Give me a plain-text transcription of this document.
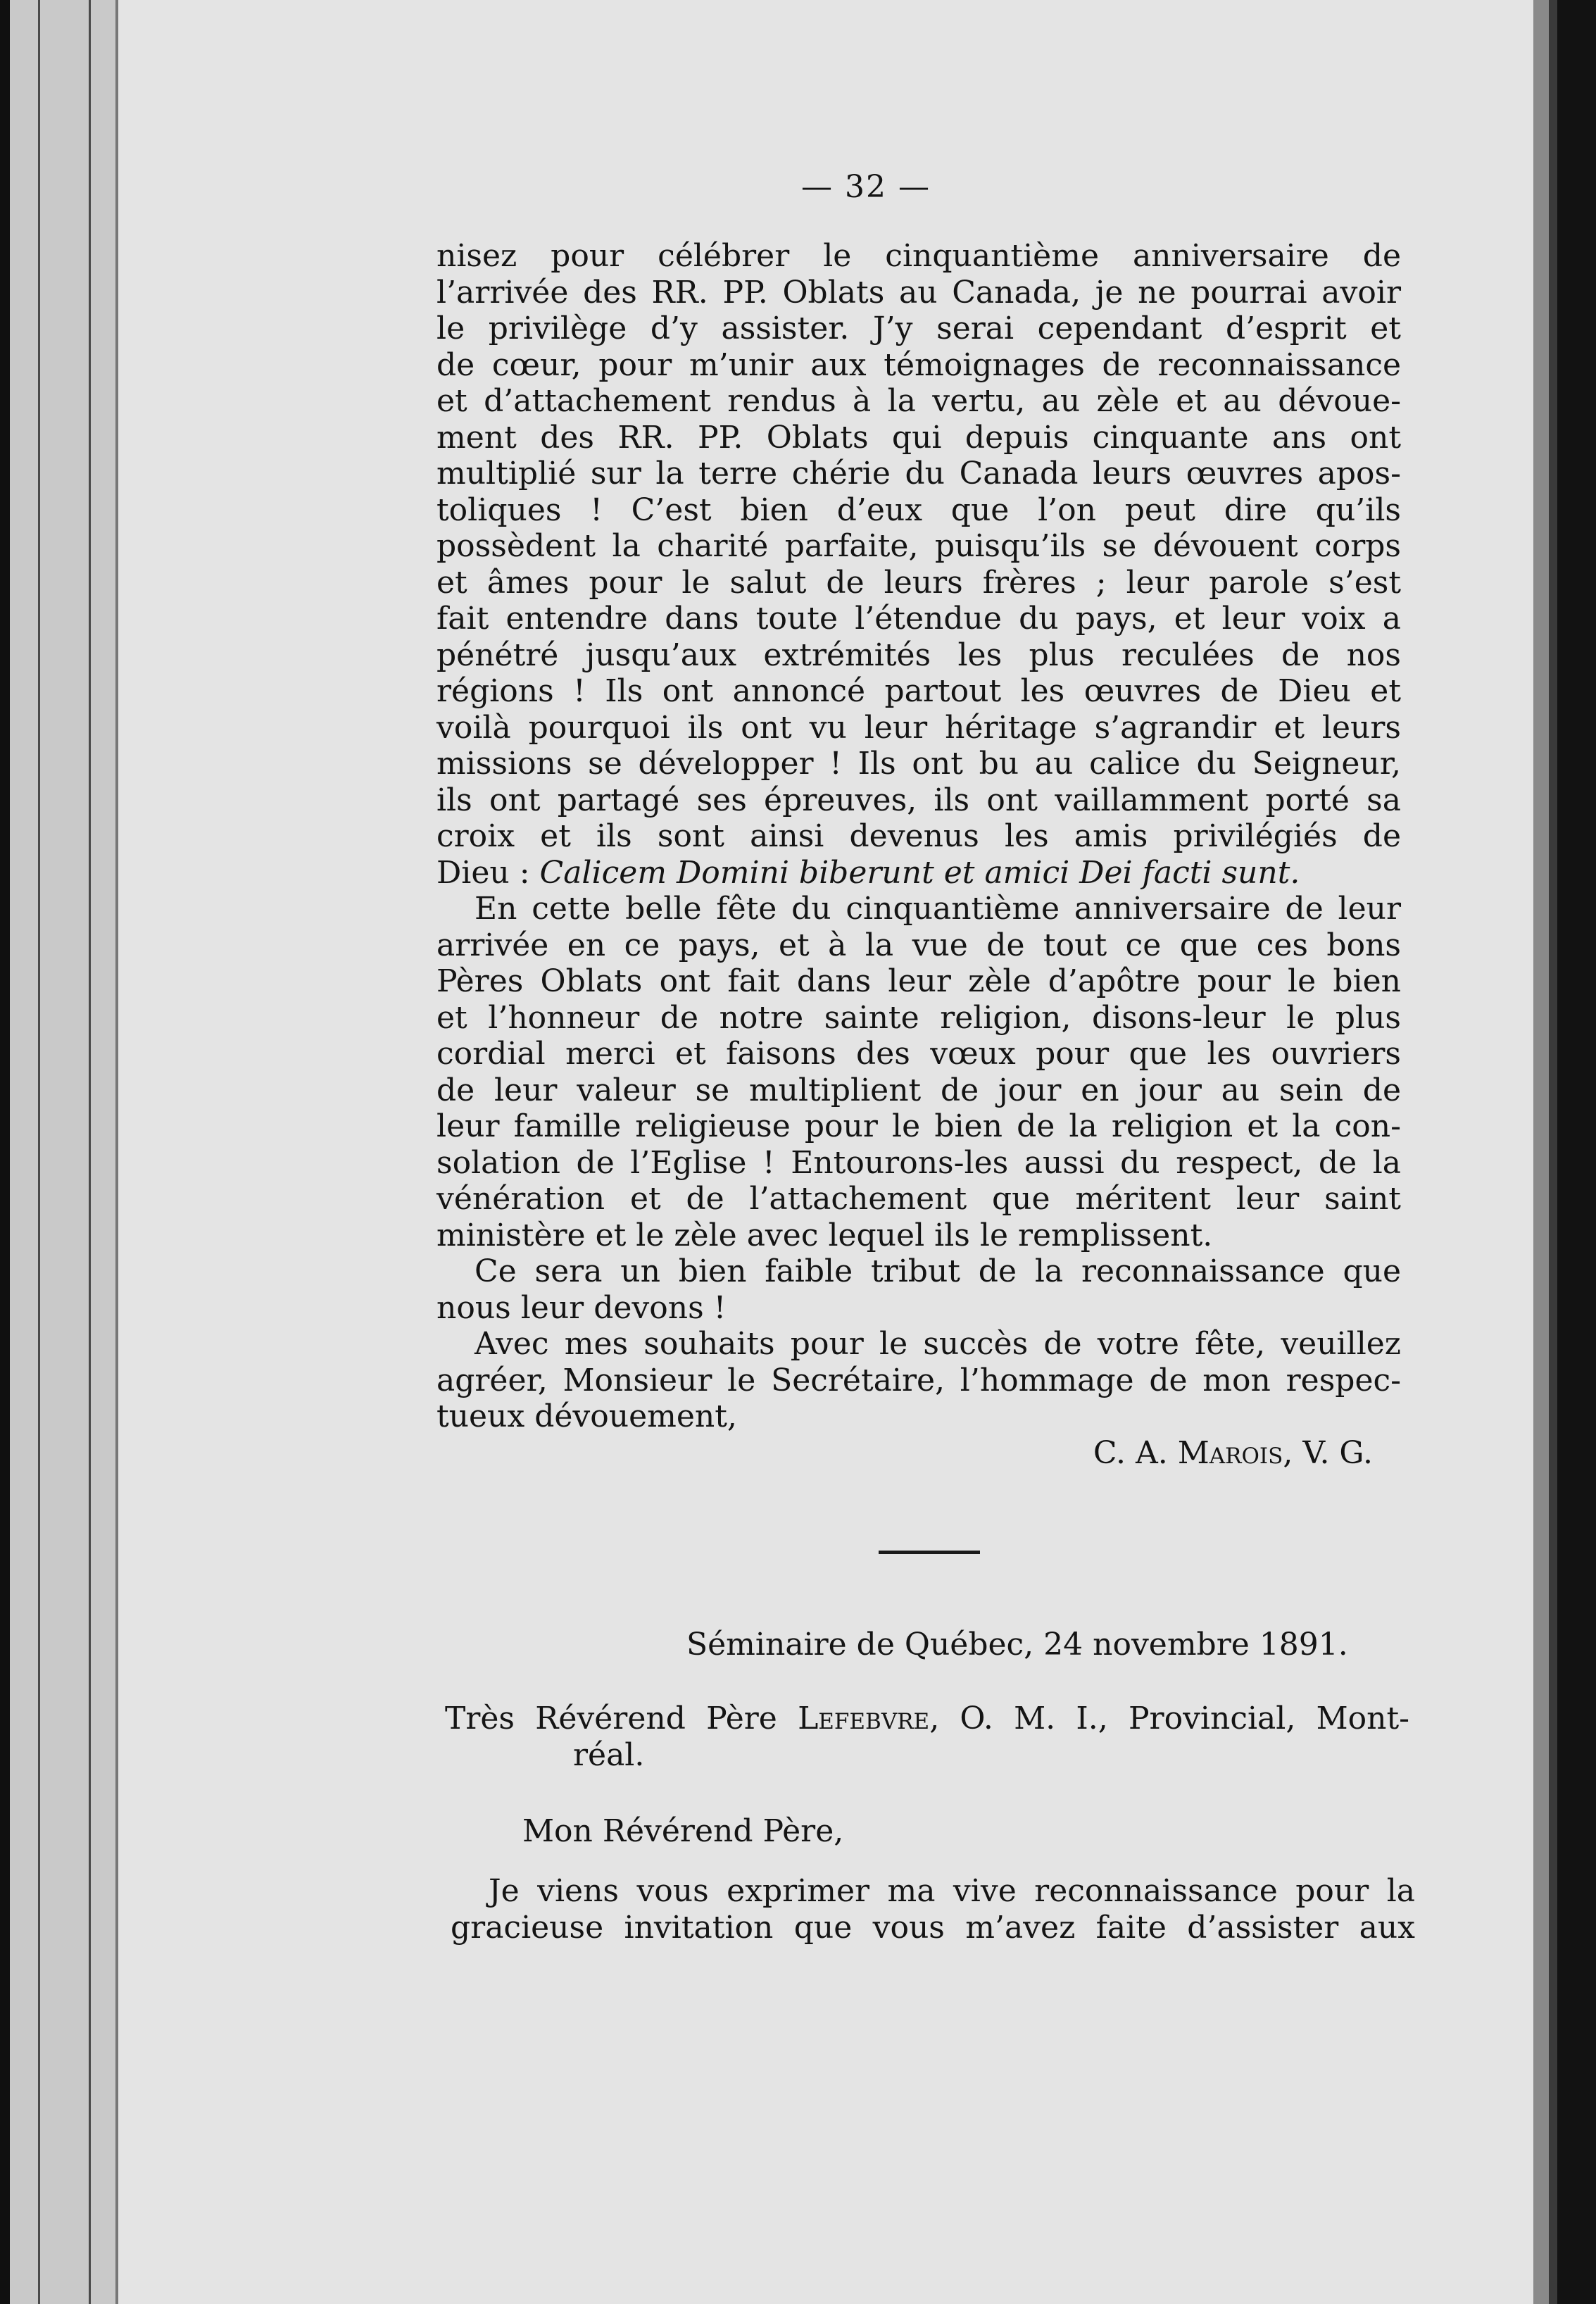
— 32 —
nisez pour célébrer le cinquantième anniversaire de
l’arrivée des RR. PP. Oblats au Canada, je ne pourrai avoir
le privilège d’y assister. J’y serai cependant d’esprit et
de cœur, pour m’unir aux témoignages de reconnaissance
et d’attachement rendus à la vertu, au zèle et au dévoue-
ment des RR. PP. Oblats qui depuis cinquante ans ont
multiplié sur la terre chérie du Canada leurs œuvres apos-
toliques ! C’est bien d’eux que l’on peut dire qu’ils
possèdent la charité parfaite, puisqu’ils se dévouent corps
et âmes pour le salut de leurs frères ; leur parole s’est
fait entendre dans toute l’étendue du pays, et leur voix a
pénétré jusqu’aux extrémités les plus reculées de nos
régions ! Ils ont annoncé partout les œuvres de Dieu et
voilà pourquoi ils ont vu leur héritage s’agrandir et leurs
missions se développer ! Ils ont bu au calice du Seigneur,
ils ont partagé ses épreuves, ils ont vaillamment porté sa
croix et ils sont ainsi devenus les amis privilégiés de
Dieu : Calicem Domini biberunt et amici Dei facti sunt.
En cette belle fête du cinquantième anniversaire de leur
arrivée en ce pays, et à la vue de tout ce que ces bons
Pères Oblats ont fait dans leur zèle d’apôtre pour le bien
et l’honneur de notre sainte religion, disons-leur le plus
cordial merci et faisons des vœux pour que les ouvriers
de leur valeur se multiplient de jour en jour au sein de
leur famille religieuse pour le bien de la religion et la con-
solation de l’Eglise ! Entourons-les aussi du respect, de la
vénération et de l’attachement que méritent leur saint
ministère et le zèle avec lequel ils le remplissent.
Ce sera un bien faible tribut de la reconnaissance que
nous leur devons !
Avec mes souhaits pour le succès de votre fête, veuillez
agréer, Monsieur le Secrétaire, l’hommage de mon respec-
tueux dévouement,
C. A. Marois, V. G.
Séminaire de Québec, 24 novembre 1891.
Très Révérend Père Lefebvre, O. M. I., Provincial, Mont-
réal.
Mon Révérend Père,
Je viens vous exprimer ma vive reconnaissance pour la
gracieuse invitation que vous m’avez faite d’assister aux
